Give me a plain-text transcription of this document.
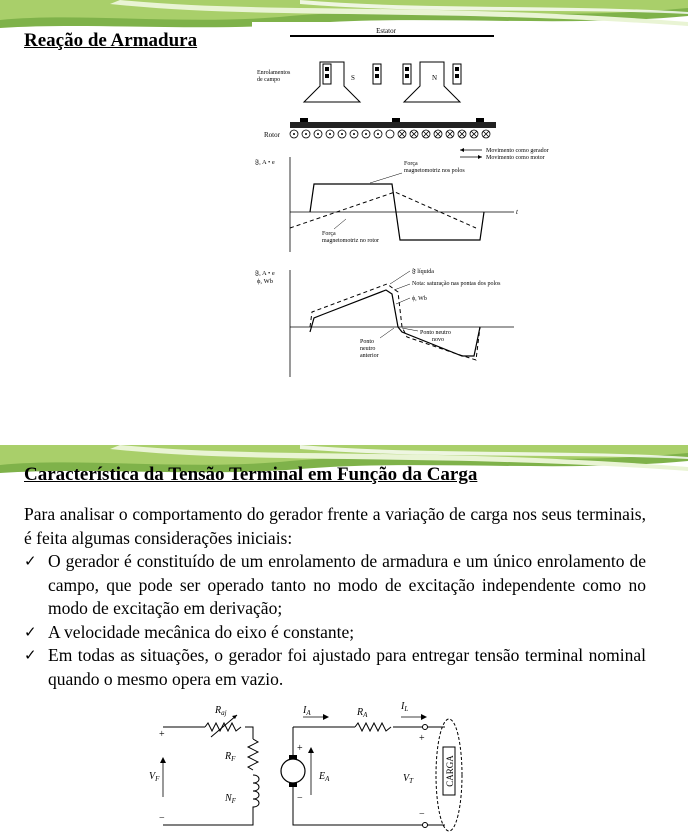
Reação de Armadura	Estator
Enrolamentos
de campo	S	N
Rotor
Movimento como gerador
Movimento como motor
𝔉, A • e
t
Força
magnetomotriz nos polos
Força
magnetomotriz no rotor
𝔉, A • e
ϕ, Wb
𝔉 líquida
Nota: saturação nas pontas dos polos
ϕ, Wb
Ponto neutro
novo
Ponto
neutro
anterior
Característica da Tensão Terminal em Função da Carga

Para analisar o comportamento do gerador frente a variação de carga nos seus terminais, é feita algumas considerações iniciais:

✓ O gerador é constituído de um enrolamento de armadura e um único enrolamento de campo, que pode ser operado tanto no modo de excitação independente como no modo de excitação em derivação;
✓ A velocidade mecânica do eixo é constante;
✓ Em todas as situações, o gerador foi ajustado para entregar tensão terminal nominal quando o mesmo opera em vazio.
$R_{aj}$
$V_F$
$R_F$
$N_F$
+
−
+
−
$E_A$
$I_A$	$R_A$
$I_L$
+
−
$V_T$	CARGA
